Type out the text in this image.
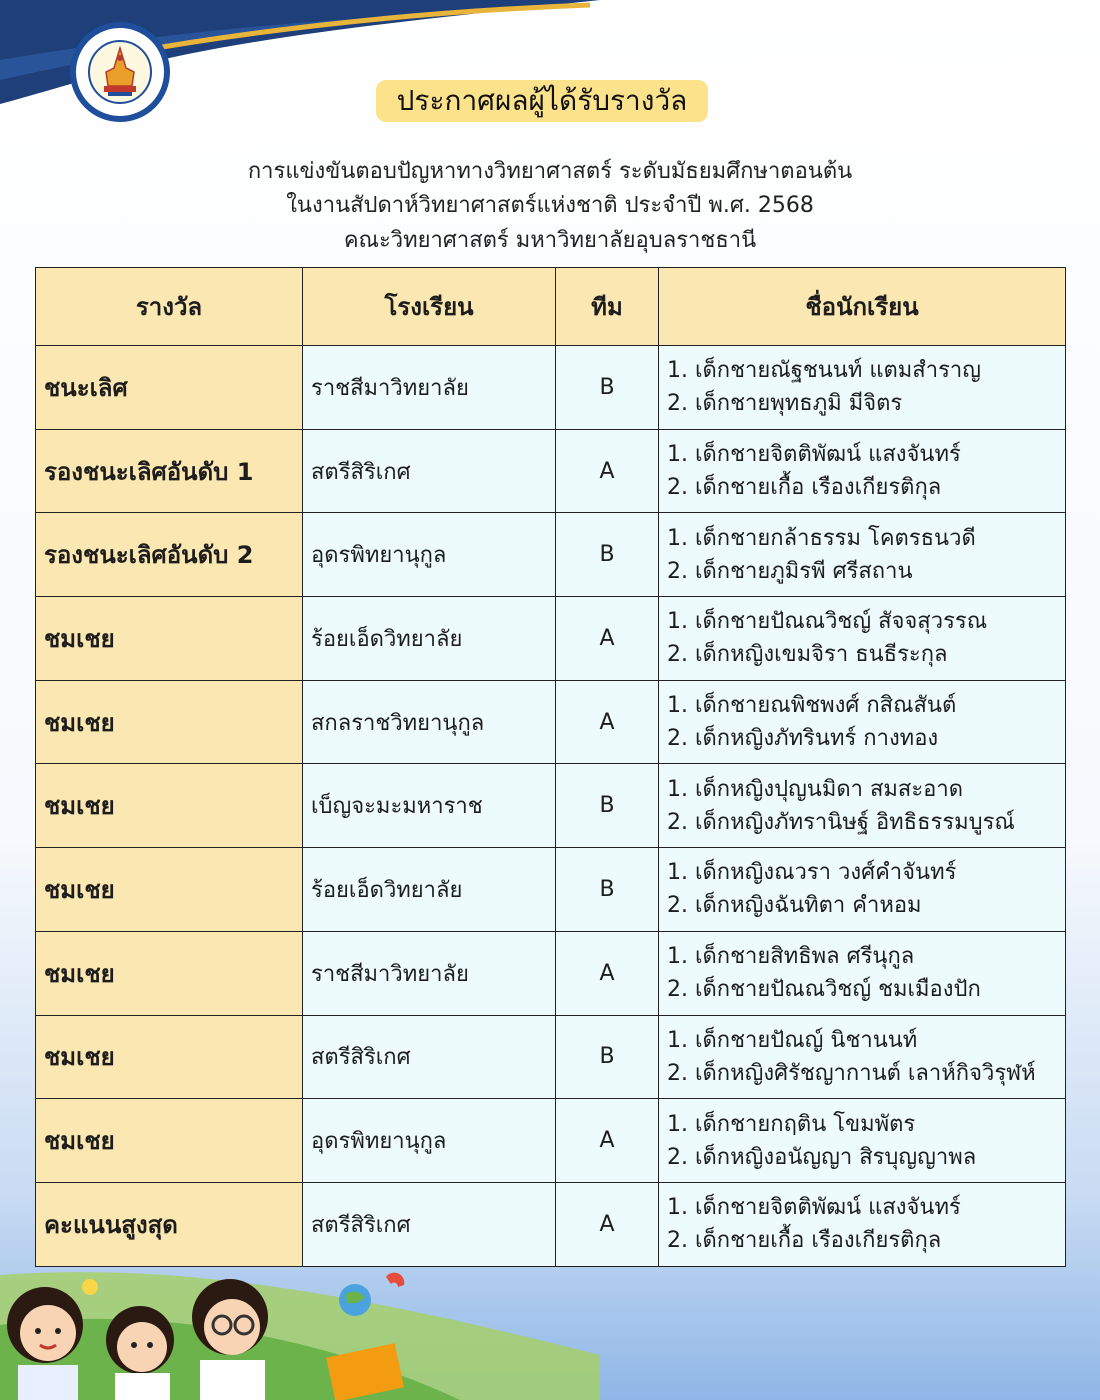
ประกาศผลผู้ได้รับรางวัล
การแข่งขันตอบปัญหาทางวิทยาศาสตร์ ระดับมัธยมศึกษาตอนต้น
ในงานสัปดาห์วิทยาศาสตร์แห่งชาติ ประจำปี พ.ศ. 2568
คณะวิทยาศาสตร์ มหาวิทยาลัยอุบลราชธานี
รางวัล	โรงเรียน	ทีม	ชื่อนักเรียน
ชนะเลิศ	ราชสีมาวิทยาลัย	B	1. เด็กชายณัฐชนนท์ แตมสำราญ
2. เด็กชายพุทธภูมิ มีจิตร

รองชนะเลิศอันดับ 1	สตรีสิริเกศ	A	1. เด็กชายจิตติพัฒน์ แสงจันทร์
2. เด็กชายเกื้อ เรืองเกียรติกุล

รองชนะเลิศอันดับ 2	อุดรพิทยานุกูล	B	1. เด็กชายกล้าธรรม โคตรธนวดี
2. เด็กชายภูมิรพี ศรีสถาน

ชมเชย	ร้อยเอ็ดวิทยาลัย	A	1. เด็กชายปัณณวิชญ์ สัจจสุวรรณ
2. เด็กหญิงเขมจิรา ธนธีระกุล

ชมเชย	สกลราชวิทยานุกูล	A	1. เด็กชายณพิชพงศ์ กสิณสันต์
2. เด็กหญิงภัทรินทร์ กางทอง

ชมเชย	เบ็ญจะมะมหาราช	B	1. เด็กหญิงปุญนมิดา สมสะอาด
2. เด็กหญิงภัทรานิษฐ์ อิทธิธรรมบูรณ์

ชมเชย	ร้อยเอ็ดวิทยาลัย	B	1. เด็กหญิงณวรา วงศ์คำจันทร์
2. เด็กหญิงฉันทิตา คำหอม

ชมเชย	ราชสีมาวิทยาลัย	A	1. เด็กชายสิทธิพล ศรีนุกูล
2. เด็กชายปัณณวิชญ์ ชมเมืองปัก

ชมเชย	สตรีสิริเกศ	B	1. เด็กชายปัณญ์ นิชานนท์
2. เด็กหญิงศิรัชญากานต์ เลาห์กิจวิรุฬห์

ชมเชย	อุดรพิทยานุกูล	A	1. เด็กชายกฤติน โขมพัตร
2. เด็กหญิงอนัญญา สิรบุญญาพล

คะแนนสูงสุด	สตรีสิริเกศ	A	1. เด็กชายจิตติพัฒน์ แสงจันทร์
2. เด็กชายเกื้อ เรืองเกียรติกุล
